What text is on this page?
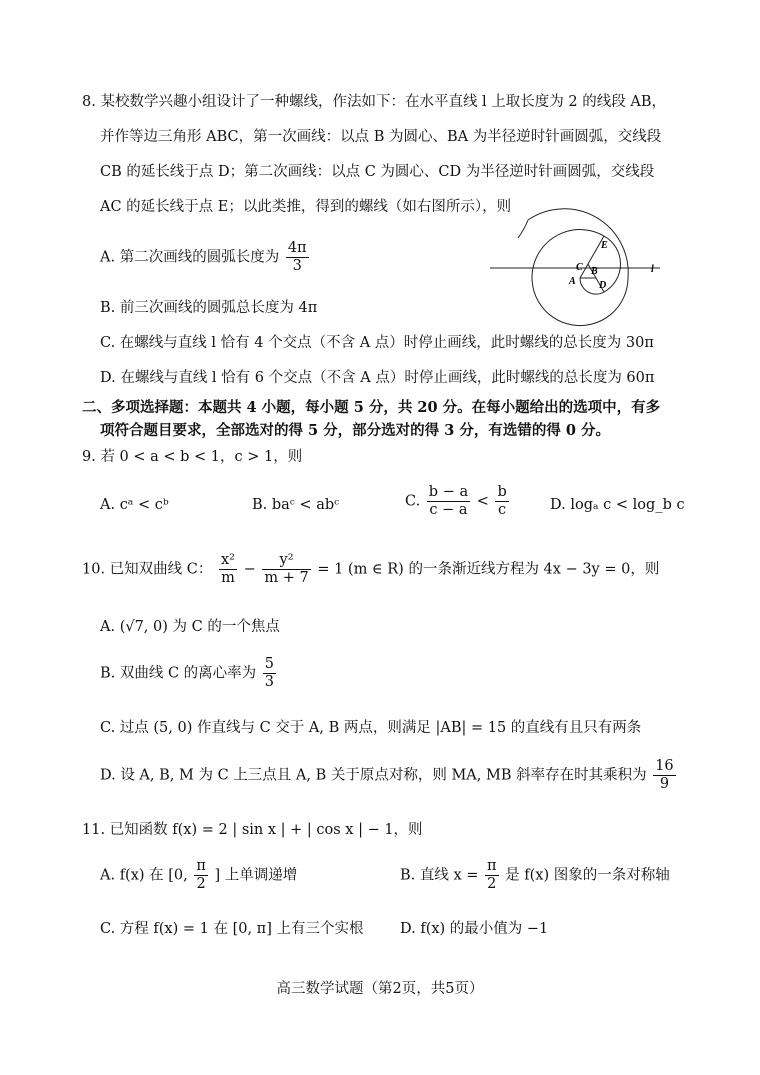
8. 某校数学兴趣小组设计了一种螺线，作法如下：在水平直线 l 上取长度为 2 的线段 AB，
并作等边三角形 ABC，第一次画线：以点 B 为圆心、BA 为半径逆时针画圆弧，交线段
CB 的延长线于点 D；第二次画线：以点 C 为圆心、CD 为半径逆时针画圆弧，交线段
AC 的延长线于点 E；以此类推，得到的螺线（如右图所示），则
A. 第二次画线的圆弧长度为 $\frac{4\pi}{3}$
B. 前三次画线的圆弧总长度为 4π
C. 在螺线与直线 l 恰有 4 个交点（不含 A 点）时停止画线，此时螺线的总长度为 30π
D. 在螺线与直线 l 恰有 6 个交点（不含 A 点）时停止画线，此时螺线的总长度为 60π
E
C B
A D
l
二、多项选择题：本题共 4 小题，每小题 5 分，共 20 分。在每小题给出的选项中，有多
项符合题目要求，全部选对的得 5 分，部分选对的得 3 分，有选错的得 0 分。
9. 若 0 < a < b < 1，c > 1，则
A. cᵃ < cᵇ	B. baᶜ < abᶜ	C. $\frac{b - a}{c - a} < \frac{b}{c}$	D. logₐ c < log_b c
10. 已知双曲线 C： $\frac{\text{x²}}{m} - \frac{\text{y²}}{m + 7} = 1$ (m ∈ R) 的一条渐近线方程为 4x − 3y = 0，则
A. (√7, 0) 为 C 的一个焦点
B. 双曲线 C 的离心率为 $\frac{5}{3}$
C. 过点 (5, 0) 作直线与 C 交于 A, B 两点，则满足 |AB| = 15 的直线有且只有两条
D. 设 A, B, M 为 C 上三点且 A, B 关于原点对称，则 MA, MB 斜率存在时其乘积为 $\frac{16}{9}$
11. 已知函数 f(x) = 2 | sin x | + | cos x | − 1，则
A. f(x) 在 [0, $\frac{\pi}{2}$ ] 上单调递增	B. 直线 $x = \frac{\pi}{2}$ 是 f(x) 图象的一条对称轴
C. 方程 f(x) = 1 在 [0, π] 上有三个实根	D. f(x) 的最小值为 −1
高三数学试题（第2页，共5页）
